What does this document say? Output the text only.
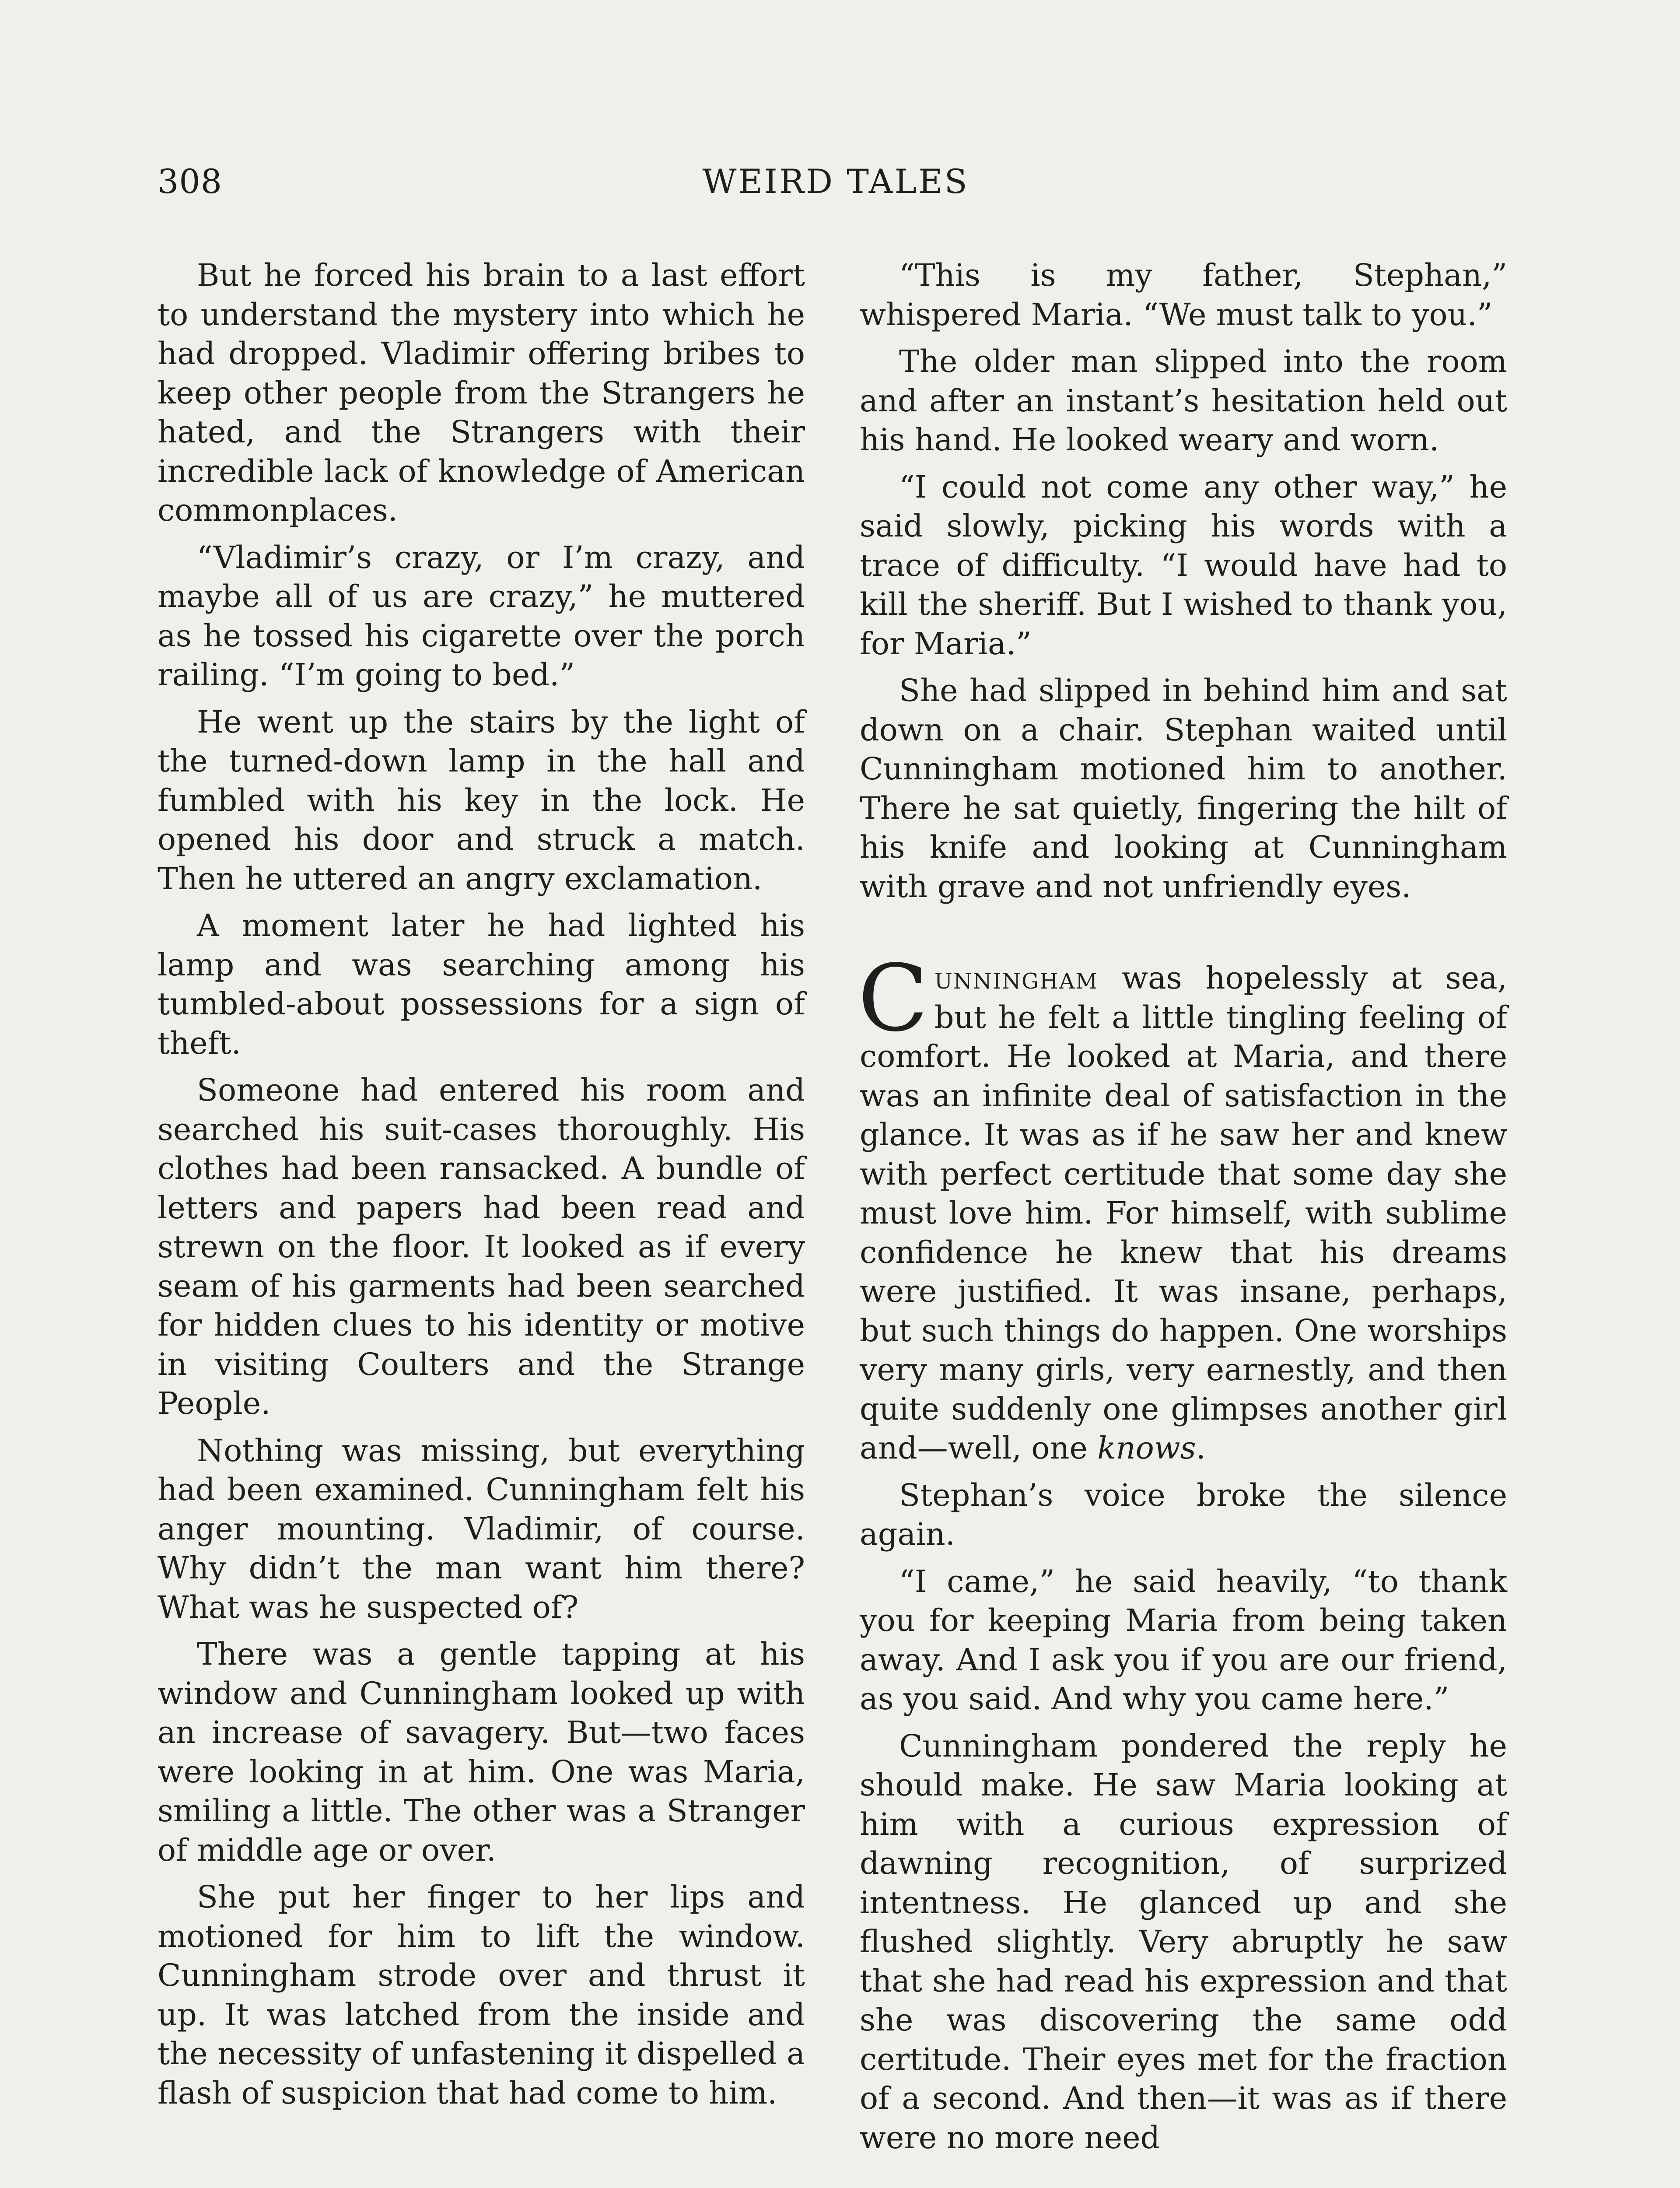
308	WEIRD TALES

But he forced his brain to a last effort to understand the mystery into which he had dropped. Vladimir offering bribes to keep other people from the Strangers he hated, and the Strangers with their incredible lack of knowledge of American commonplaces.

“Vladimir’s crazy, or I’m crazy, and maybe all of us are crazy,” he muttered as he tossed his cigarette over the porch railing. “I’m going to bed.”

He went up the stairs by the light of the turned-down lamp in the hall and fumbled with his key in the lock. He opened his door and struck a match. Then he uttered an angry exclamation.

A moment later he had lighted his lamp and was searching among his tumbled-about possessions for a sign of theft.

Someone had entered his room and searched his suit-cases thoroughly. His clothes had been ransacked. A bundle of letters and papers had been read and strewn on the floor. It looked as if every seam of his garments had been searched for hidden clues to his identity or motive in visiting Coulters and the Strange People.

Nothing was missing, but everything had been examined. Cunningham felt his anger mounting. Vladimir, of course. Why didn’t the man want him there? What was he suspected of?

There was a gentle tapping at his window and Cunningham looked up with an increase of savagery. But—two faces were looking in at him. One was Maria, smiling a little. The other was a Stranger of middle age or over.

She put her finger to her lips and motioned for him to lift the window. Cunningham strode over and thrust it up. It was latched from the inside and the necessity of unfastening it dispelled a flash of suspicion that had come to him.

“This is my father, Stephan,” whispered Maria. “We must talk to you.”

The older man slipped into the room and after an instant’s hesitation held out his hand. He looked weary and worn.

“I could not come any other way,” he said slowly, picking his words with a trace of difficulty. “I would have had to kill the sheriff. But I wished to thank you, for Maria.”

She had slipped in behind him and sat down on a chair. Stephan waited until Cunningham motioned him to another. There he sat quietly, fingering the hilt of his knife and looking at Cunningham with grave and not unfriendly eyes.

Cunningham was hopelessly at sea, but he felt a little tingling feeling of comfort. He looked at Maria, and there was an infinite deal of satisfaction in the glance. It was as if he saw her and knew with perfect certitude that some day she must love him. For himself, with sublime confidence he knew that his dreams were justified. It was insane, perhaps, but such things do happen. One worships very many girls, very earnestly, and then quite suddenly one glimpses another girl and—well, one knows.

Stephan’s voice broke the silence again.

“I came,” he said heavily, “to thank you for keeping Maria from being taken away. And I ask you if you are our friend, as you said. And why you came here.”

Cunningham pondered the reply he should make. He saw Maria looking at him with a curious expression of dawning recognition, of surprized intentness. He glanced up and she flushed slightly. Very abruptly he saw that she had read his expression and that she was discovering the same odd certitude. Their eyes met for the fraction of a second. And then—it was as if there were no more need
